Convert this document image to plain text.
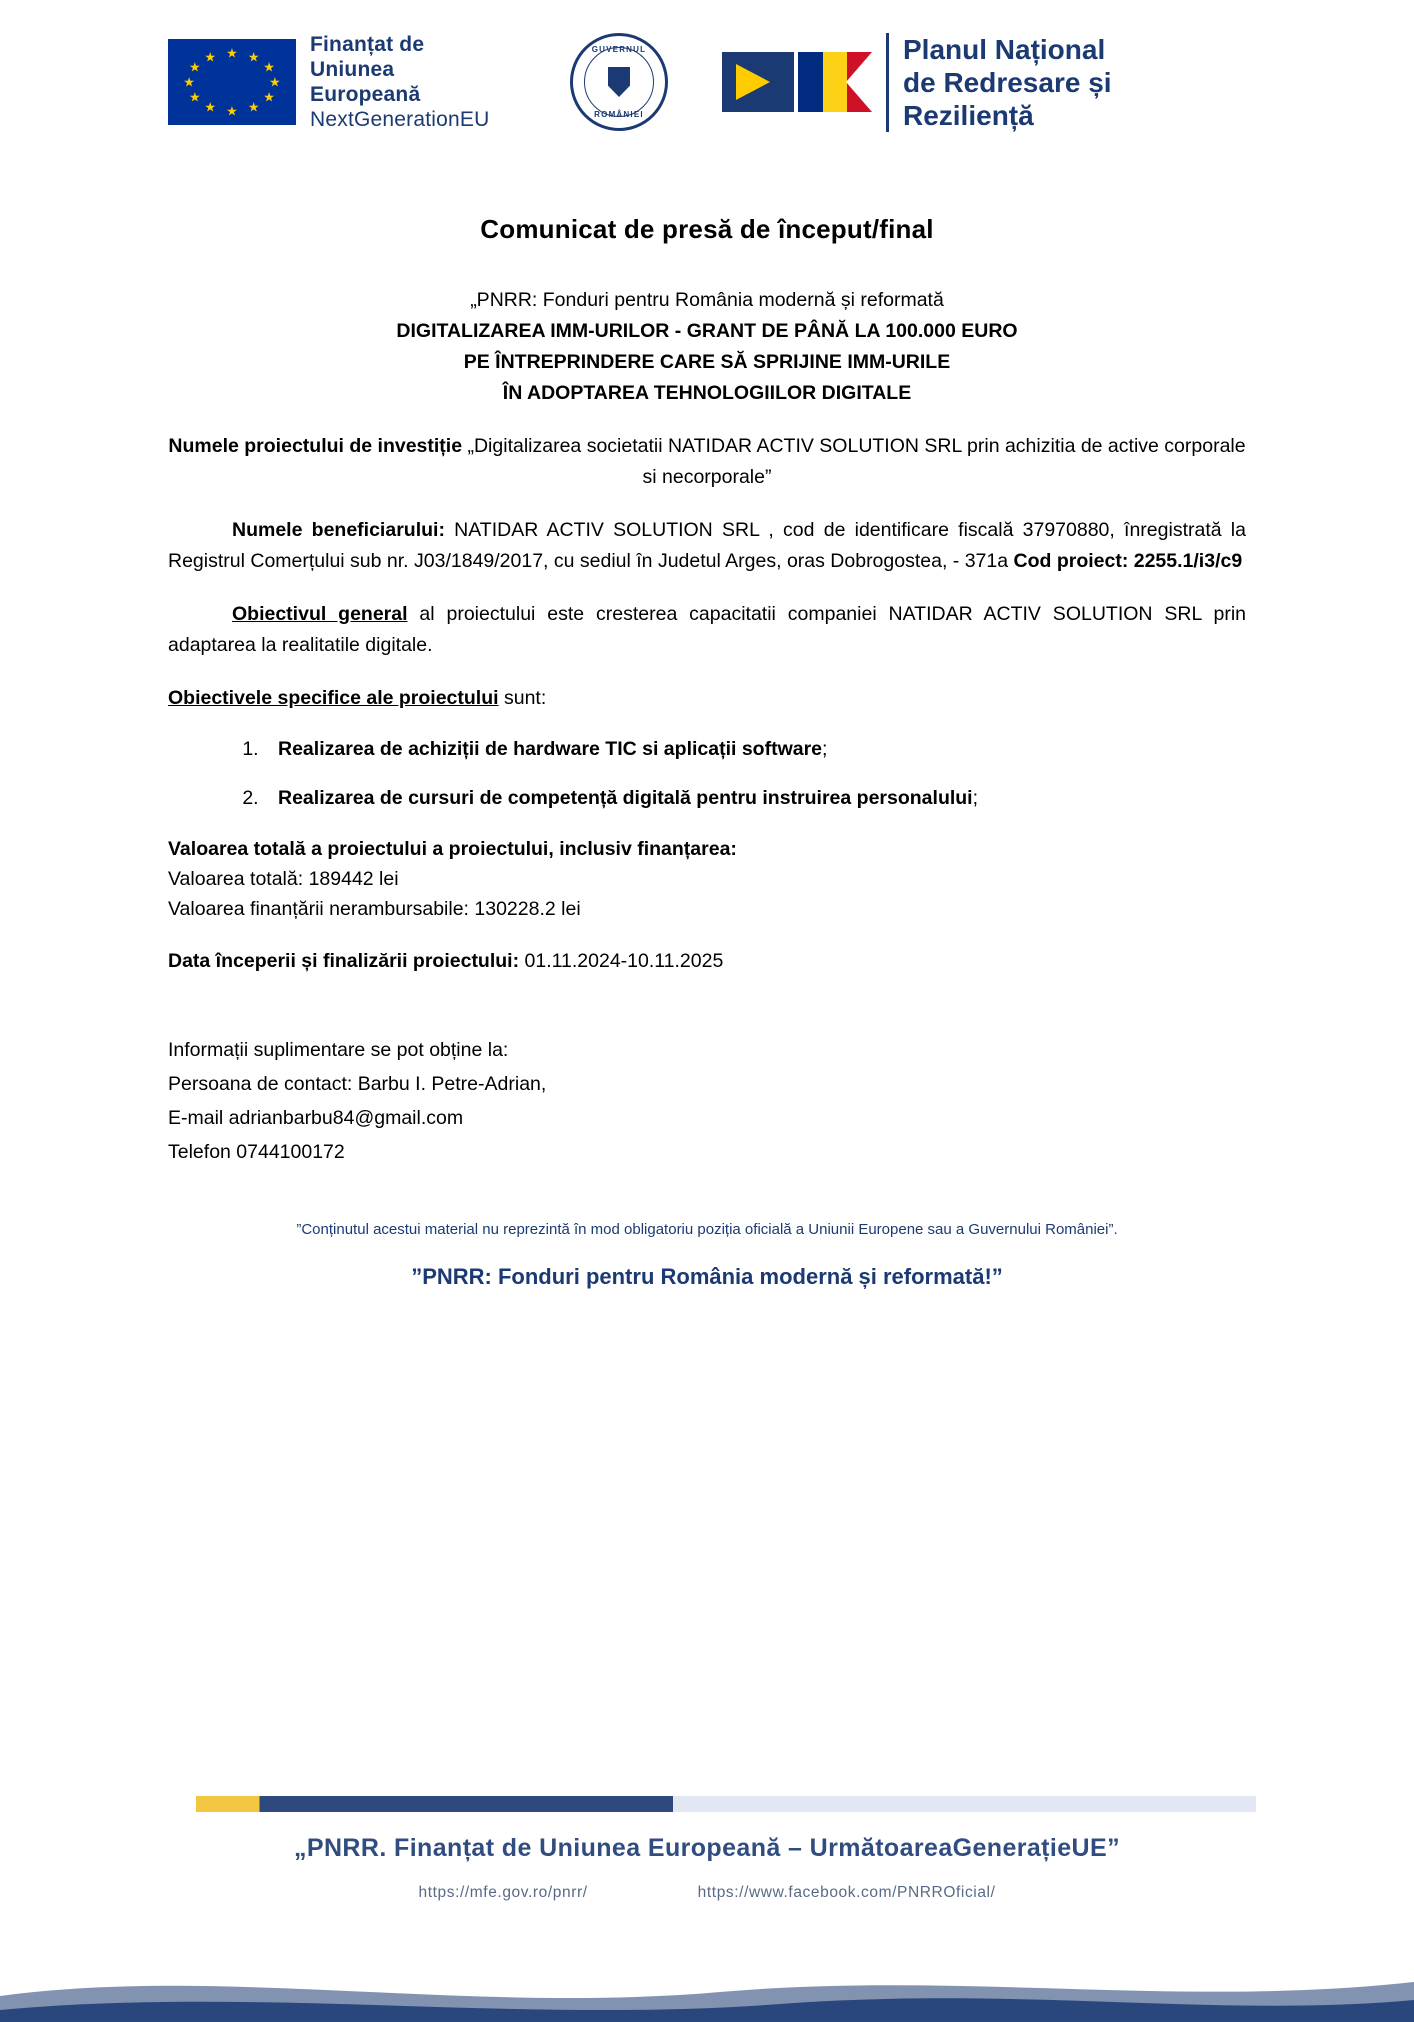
★ ★
★
★
★
★
★
★
★
★
★
★
Finanțat de
Uniunea Europeană
NextGenerationEU
GUVERNUL
ROMÂNIEI
Planul Național
de Redresare și Reziliență
Comunicat de presă de început/final
„PNRR: Fonduri pentru România modernă și reformată
DIGITALIZAREA IMM-URILOR - GRANT DE PÂNĂ LA 100.000 EURO
PE ÎNTREPRINDERE CARE SĂ SPRIJINE IMM-URILE
ÎN ADOPTAREA TEHNOLOGIILOR DIGITALE

Numele proiectului de investiție „Digitalizarea societatii NATIDAR ACTIV SOLUTION SRL prin achizitia de active corporale si necorporale”

Numele beneficiarului: NATIDAR ACTIV SOLUTION SRL , cod de identificare fiscală 37970880, înregistrată la Registrul Comerțului sub nr. J03/1849/2017, cu sediul în Judetul Arges, oras Dobrogostea, - 371a Cod proiect: 2255.1/i3/c9

Obiectivul general al proiectului este cresterea capacitatii companiei NATIDAR ACTIV SOLUTION SRL prin adaptarea la realitatile digitale.

Obiectivele specifice ale proiectului sunt:

1. Realizarea de achiziții de hardware TIC si aplicații software;
2. Realizarea de cursuri de competență digitală pentru instruirea personalului;

Valoarea totală a proiectului a proiectului, inclusiv finanțarea:

Valoarea totală: 189442 lei

Valoarea finanțării nerambursabile: 130228.2 lei

Data începerii și finalizării proiectului: 01.11.2024-10.11.2025

Informații suplimentare se pot obține la:

Persoana de contact: Barbu I. Petre-Adrian,

E-mail adrianbarbu84@gmail.com

Telefon 0744100172

”Conținutul acestui material nu reprezintă în mod obligatoriu poziția oficială a Uniunii Europene sau a Guvernului României”.
”PNRR: Fonduri pentru România modernă și reformată!”
„PNRR. Finanțat de Uniunea Europeană – UrmătoareaGenerațieUE”
https://mfe.gov.ro/pnrr/	https://www.facebook.com/PNRROficial/
